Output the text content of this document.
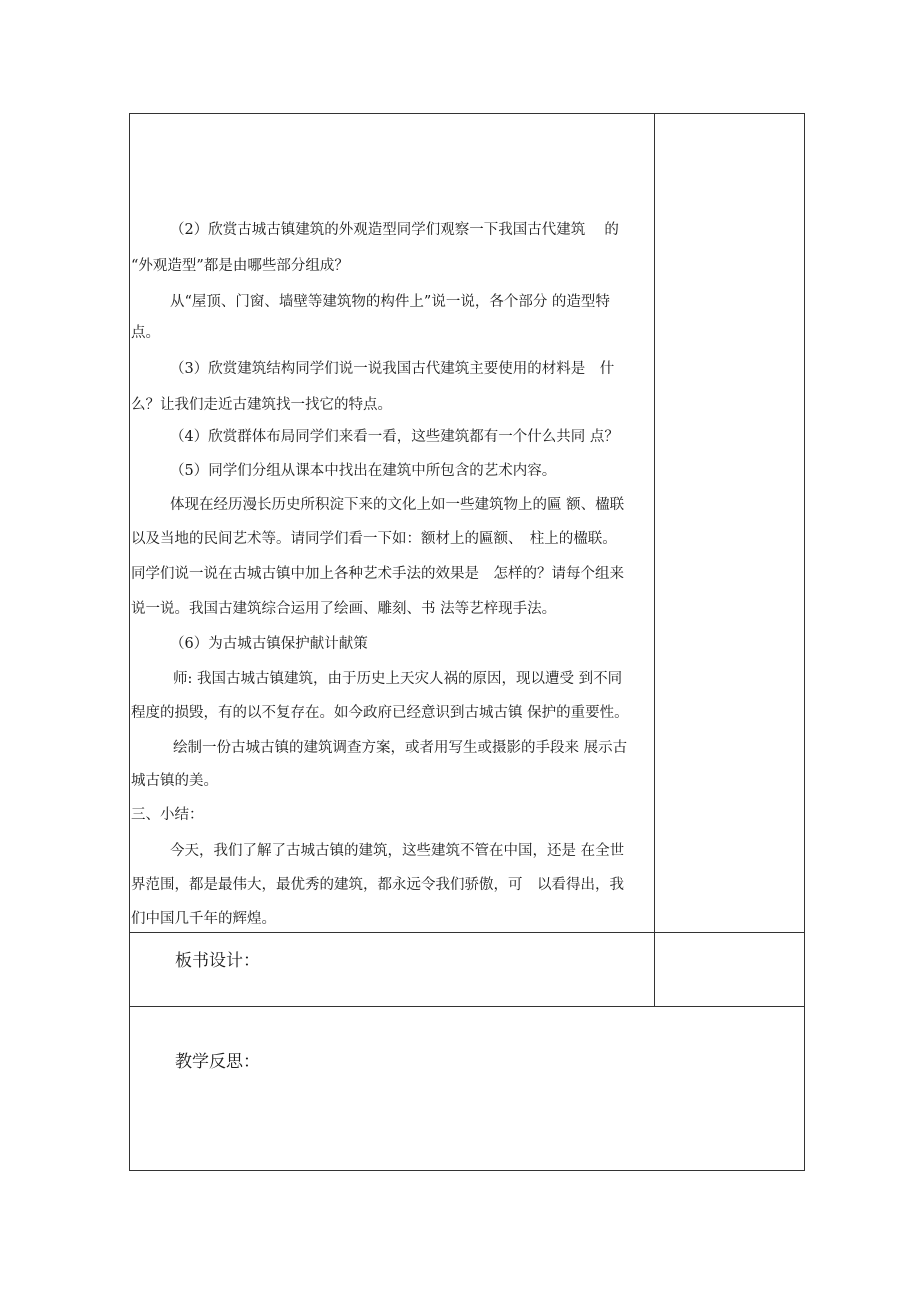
（2）欣赏古城古镇建筑的外观造型同学们观察一下我国古代建筑　 的
“外观造型”都是由哪些部分组成？
从“屋顶、门窗、墙壁等建筑物的构件上”说一说，各个部分 的造型特
点。
（3）欣赏建筑结构同学们说一说我国古代建筑主要使用的材料是　什
么？让我们走近古建筑找一找它的特点。
（4）欣赏群体布局同学们来看一看，这些建筑都有一个什么共同 点？
（5）同学们分组从课本中找出在建筑中所包含的艺术内容。
体现在经历漫长历史所积淀下来的文化上如一些建筑物上的匾 额、楹联
以及当地的民间艺术等。请同学们看一下如：额材上的匾额、　柱上的楹联。
同学们说一说在古城古镇中加上各种艺术手法的效果是　怎样的？请每个组来
说一说。我国古建筑综合运用了绘画、雕刻、书 法等艺梓现手法。
（6）为古城古镇保护献计献策
师: 我国古城古镇建筑，由于历史上天灾人祸的原因，现以遭受 到不同
程度的损毁，有的以不复存在。如今政府已经意识到古城古镇 保护的重要性。
绘制一份古城古镇的建筑调查方案，或者用写生或摄影的手段来 展示古
城古镇的美。
三、小结：
今天，我们了解了古城古镇的建筑，这些建筑不管在中国，还是 在全世
界范围，都是最伟大，最优秀的建筑，都永远令我们骄傲，可　以看得出，我
们中国几千年的辉煌。
板书设计：
教学反思：
